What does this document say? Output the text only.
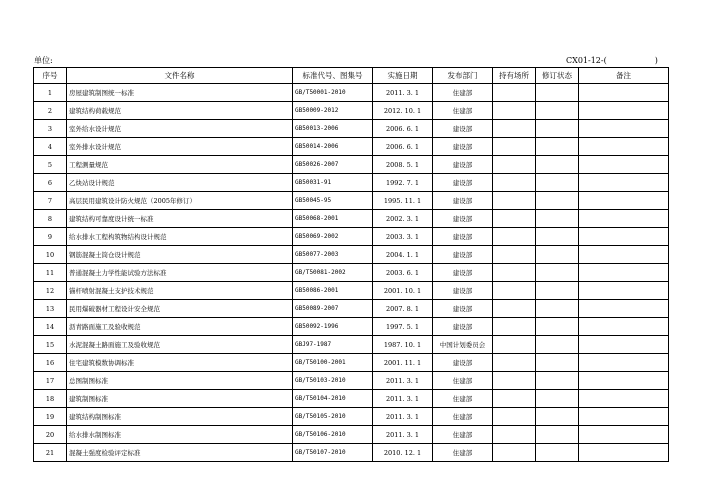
单位:	CX01-12-(　　　　　　)
序号	文件名称	标准代号、图集号	实施日期	发布部门	持有场所	修订状态	备注
1	房屋建筑制图统一标准	GB/T50001-2010	2011. 3. 1	住建部			
2	建筑结构荷载规范	GB50009-2012	2012. 10. 1	住建部			
3	室外给水设计规范	GB50013-2006	2006. 6. 1	建设部			
4	室外排水设计规范	GB50014-2006	2006. 6. 1	建设部			
5	工程测量规范	GB50026-2007	2008. 5. 1	建设部			
6	乙炔站设计规范	GB50031-91	1992. 7. 1	建设部			
7	高层民用建筑设计防火规范（2005年修订）	GB50045-95	1995. 11. 1	建设部			
8	建筑结构可靠度设计统一标准	GB50068-2001	2002. 3. 1	建设部			
9	给水排水工程构筑物结构设计规范	GB50069-2002	2003. 3. 1	建设部			
10	钢筋混凝土筒仓设计规范	GB50077-2003	2004. 1. 1	建设部			
11	普通混凝土力学性能试验方法标准	GB/T50081-2002	2003. 6. 1	建设部			
12	锚杆喷射混凝土支护技术规范	GB50086-2001	2001. 10. 1	建设部			
13	民用爆破器材工程设计安全规范	GB50089-2007	2007. 8. 1	建设部			
14	沥青路面施工及验收规范	GB50092-1996	1997. 5. 1	建设部			
15	水泥混凝土路面施工及验收规范	GBJ97-1987	1987. 10. 1	中国计划委员会			
16	住宅建筑模数协调标准	GB/T50100-2001	2001. 11. 1	建设部			
17	总图制图标准	GB/T50103-2010	2011. 3. 1	住建部			
18	建筑制图标准	GB/T50104-2010	2011. 3. 1	住建部			
19	建筑结构制图标准	GB/T50105-2010	2011. 3. 1	住建部			
20	给水排水制图标准	GB/T50106-2010	2011. 3. 1	住建部			
21	混凝土强度检验评定标准	GB/T50107-2010	2010. 12. 1	住建部			
